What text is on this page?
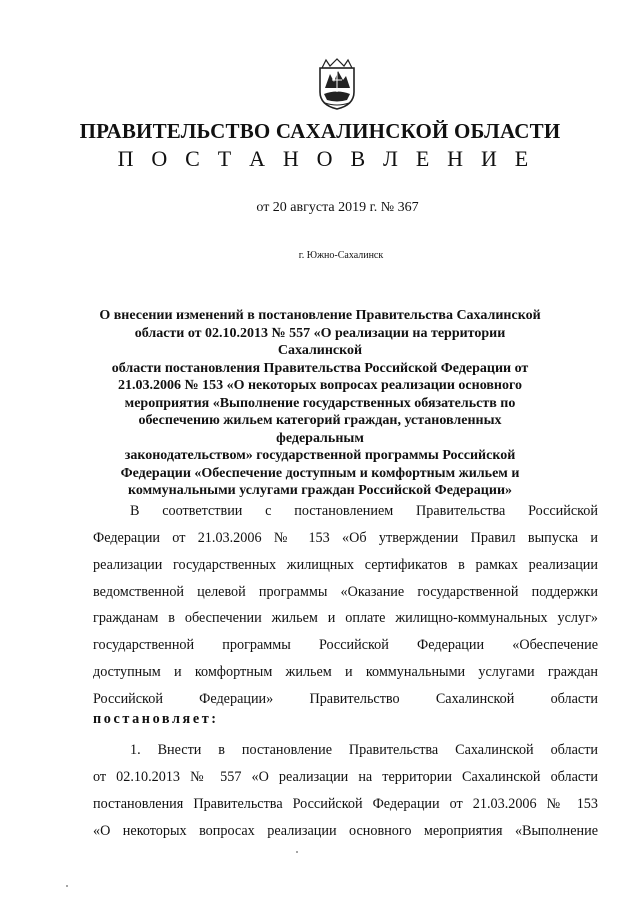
ПРАВИТЕЛЬСТВО САХАЛИНСКОЙ ОБЛАСТИ
П О С Т А Н О В Л Е Н И Е
от 20 августа 2019 г. № 367
г. Южно-Сахалинск
О внесении изменений в постановление Правительства Сахалинской
области от 02.10.2013 № 557 «О реализации на территории Сахалинской
области постановления Правительства Российской Федерации от
21.03.2006 № 153 «О некоторых вопросах реализации основного
мероприятия «Выполнение государственных обязательств по
обеспечению жильем категорий граждан, установленных федеральным
законодательством» государственной программы Российской
Федерации «Обеспечение доступным и комфортным жильем и
коммунальными услугами граждан Российской Федерации»
В соответствии с постановлением Правительства Российской
Федерации от 21.03.2006 № 153 «Об утверждении Правил выпуска и
реализации государственных жилищных сертификатов в рамках реализации
ведомственной целевой программы «Оказание государственной поддержки
гражданам в обеспечении жильем и оплате жилищно-коммунальных услуг»
государственной программы Российской Федерации «Обеспечение
доступным и комфортным жильем и коммунальными услугами граждан
Российской Федерации» Правительство Сахалинской области
постановляет:
1. Внести в постановление Правительства Сахалинской области
от 02.10.2013 № 557 «О реализации на территории Сахалинской области
постановления Правительства Российской Федерации от 21.03.2006 № 153
«О некоторых вопросах реализации основного мероприятия «Выполнение
